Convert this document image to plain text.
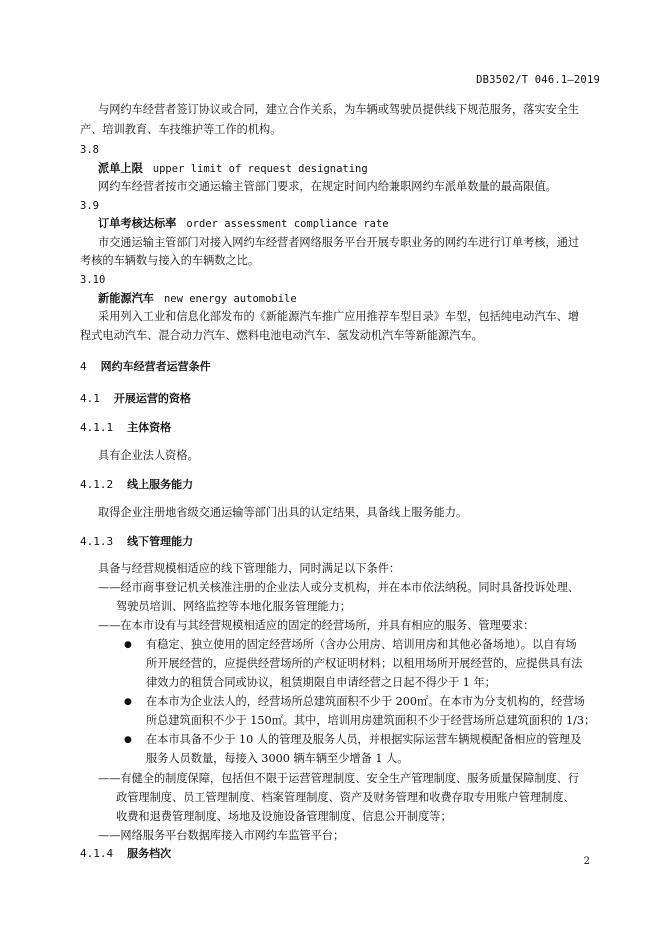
DB3502/T 046.1—2019
与网约车经营者签订协议或合同，建立合作关系，为车辆或驾驶员提供线下规范服务，落实安全生
产、培训教育、车技维护等工作的机构。
3.8
派单上限 upper limit of request designating
网约车经营者按市交通运输主管部门要求，在规定时间内给兼职网约车派单数量的最高限值。
3.9
订单考核达标率 order assessment compliance rate
市交通运输主管部门对接入网约车经营者网络服务平台开展专职业务的网约车进行订单考核，通过
考核的车辆数与接入的车辆数之比。
3.10
新能源汽车 new energy automobile
采用列入工业和信息化部发布的《新能源汽车推广应用推荐车型目录》车型，包括纯电动汽车、增
程式电动汽车、混合动力汽车、燃料电池电动汽车、氢发动机汽车等新能源汽车。
4 网约车经营者运营条件
4.1 开展运营的资格
4.1.1 主体资格
具有企业法人资格。
4.1.2 线上服务能力
取得企业注册地省级交通运输等部门出具的认定结果，具备线上服务能力。
4.1.3 线下管理能力
具备与经营规模相适应的线下管理能力，同时满足以下条件：
——经市商事登记机关核准注册的企业法人或分支机构，并在本市依法纳税。同时具备投诉处理、
驾驶员培训、网络监控等本地化服务管理能力；
——在本市设有与其经营规模相适应的固定的经营场所，并具有相应的服务、管理要求：
● 有稳定、独立使用的固定经营场所（含办公用房、培训用房和其他必备场地）。以自有场
所开展经营的，应提供经营场所的产权证明材料；以租用场所开展经营的，应提供具有法
律效力的租赁合同或协议，租赁期限自申请经营之日起不得少于 1 年；
● 在本市为企业法人的，经营场所总建筑面积不少于 200㎡。在本市为分支机构的，经营场
所总建筑面积不少于 150㎡。其中，培训用房建筑面积不少于经营场所总建筑面积的 1/3；
● 在本市具备不少于 10 人的管理及服务人员，并根据实际运营车辆规模配备相应的管理及
服务人员数量，每接入 3000 辆车辆至少增备 1 人。
——有健全的制度保障，包括但不限于运营管理制度、安全生产管理制度、服务质量保障制度、行
政管理制度、员工管理制度、档案管理制度、资产及财务管理和收费存取专用账户管理制度、
收费和退费管理制度、场地及设施设备管理制度、信息公开制度等；
——网络服务平台数据库接入市网约车监管平台；
4.1.4 服务档次
2
